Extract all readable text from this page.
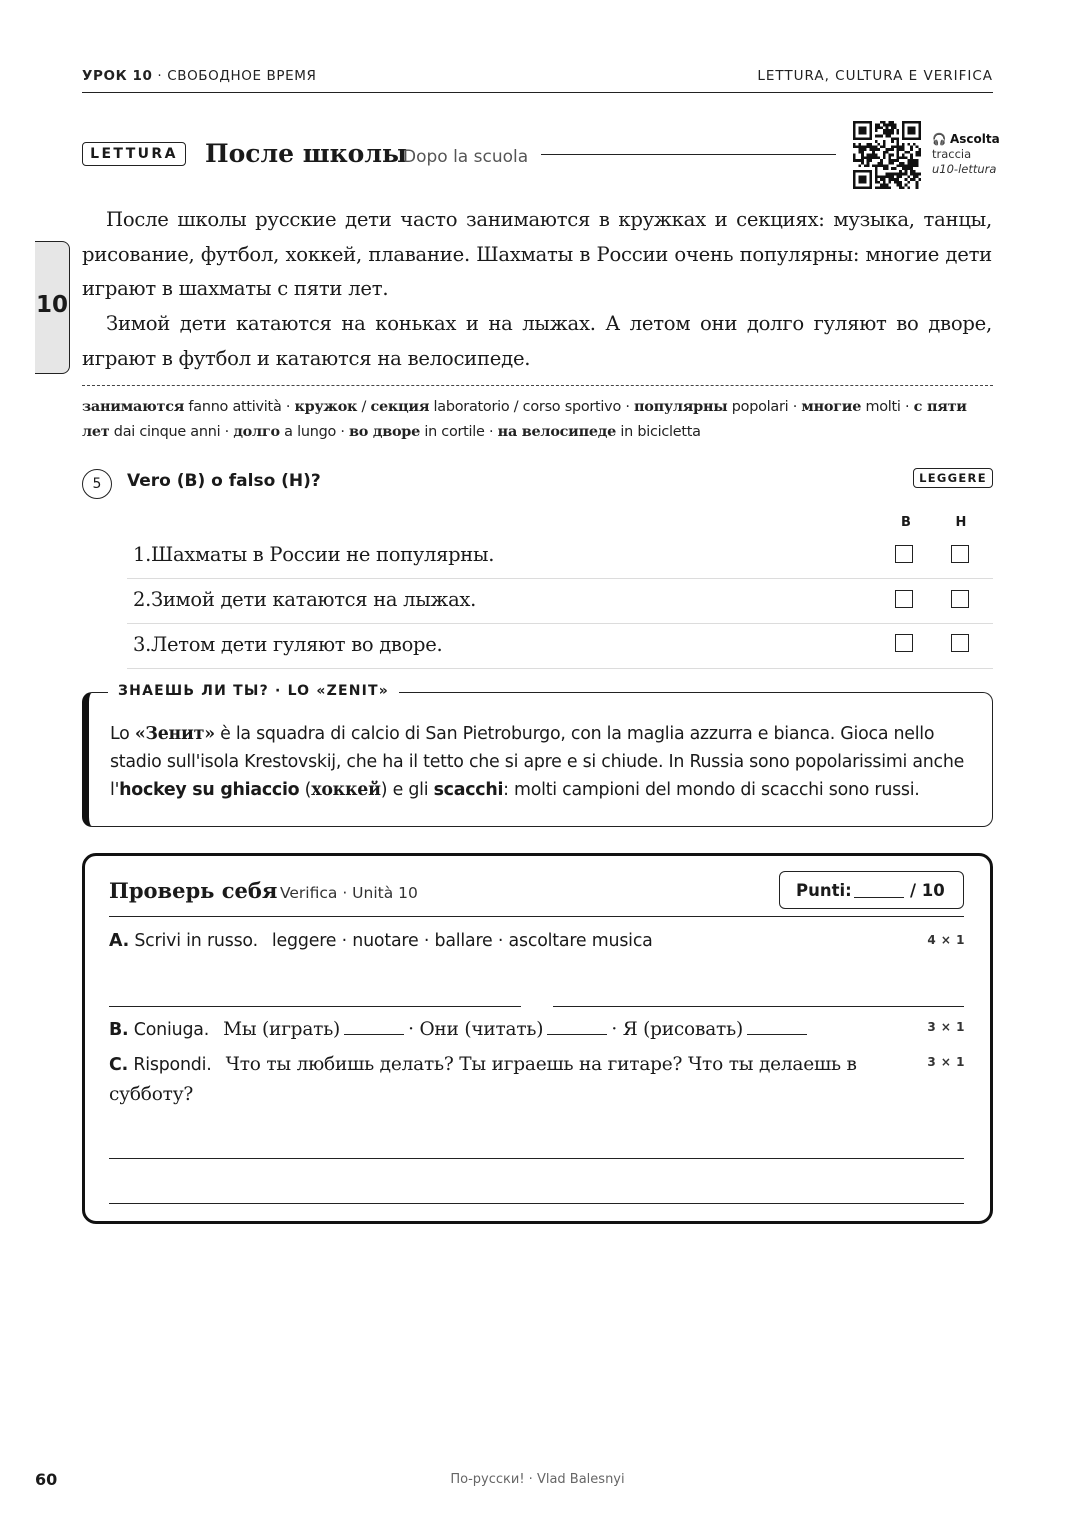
УРОК 10 · СВОБОДНОЕ ВРЕМЯ	LETTURA, CULTURA E VERIFICA
10
LETTURA	После школы
Dopo la scuola
🎧 Ascolta
traccia
u10-lettura
После школы русские дети часто занимаются в кружках и секциях: музыка, танцы, рисование, футбол, хоккей, плавание. Шахматы в России очень популярны: многие дети играют в шахматы с пяти лет.
Зимой дети катаются на коньках и на лыжах. А летом они долго гуляют во дворе, играют в футбол и катаются на велосипеде.
занимаются fanno attività · кружок / секция laboratorio / corso sportivo · популярны popolari · многие molti · с пяти лет dai cinque anni · долго a lungo · во дворе in cortile · на велосипеде in bicicletta
5	Vero (В) o falso (Н)?	LEGGERE
В	Н
1.Шахматы в России не популярны.
2.Зимой дети катаются на лыжах.
3.Летом дети гуляют во дворе.
ЗНАЕШЬ ЛИ ТЫ? · LO «ZENIT»
Lo «Зенит» è la squadra di calcio di San Pietroburgo, con la maglia azzurra e bianca. Gioca nello stadio sull'isola Krestovskij, che ha il tetto che si apre e si chiude. In Russia sono popolarissimi anche l'hockey su ghiaccio (хоккей) e gli scacchi: molti campioni del mondo di scacchi sono russi.
Проверь себя Verifica · Unità 10	Punti:	/ 10
A. Scrivi in russo. leggere · nuotare · ballare · ascoltare musica	4 × 1
B. Coniuga. Мы (играть)	· Они (читать)	· Я (рисовать)	3 × 1
C. Rispondi. Что ты любишь делать? Ты играешь на гитаре? Что ты делаешь в субботу?
3 × 1
60	По-русски! · Vlad Balesnyi
